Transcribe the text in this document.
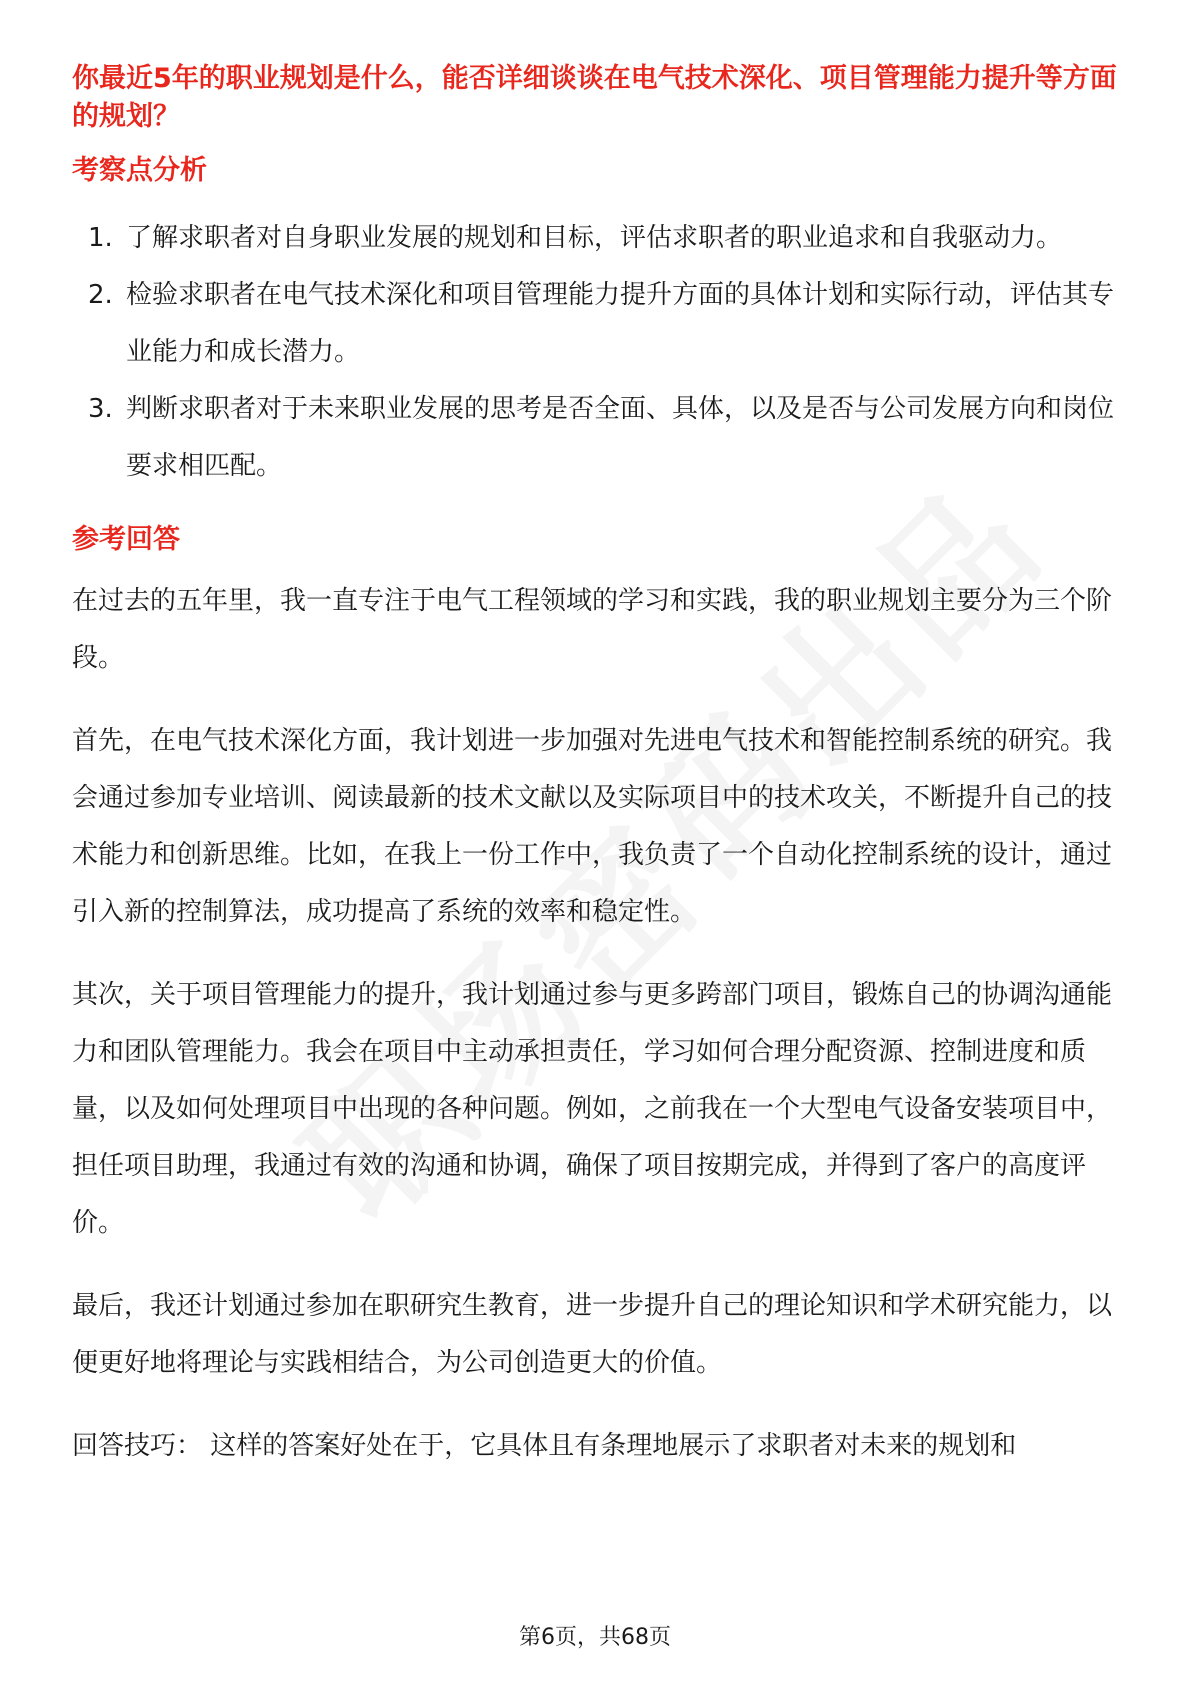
你最近5年的职业规划是什么，能否详细谈谈在电气技术深化、项目管理能力提升等方面的规划？

考察点分析

1. 了解求职者对自身职业发展的规划和目标，评估求职者的职业追求和自我驱动力。
2. 检验求职者在电气技术深化和项目管理能力提升方面的具体计划和实际行动，评估其专业能力和成长潜力。
3. 判断求职者对于未来职业发展的思考是否全面、具体，以及是否与公司发展方向和岗位要求相匹配。

参考回答

在过去的五年里，我一直专注于电气工程领域的学习和实践，我的职业规划主要分为三个阶段。

首先，在电气技术深化方面，我计划进一步加强对先进电气技术和智能控制系统的研究。我会通过参加专业培训、阅读最新的技术文献以及实际项目中的技术攻关，不断提升自己的技术能力和创新思维。比如，在我上一份工作中，我负责了一个自动化控制系统的设计，通过引入新的控制算法，成功提高了系统的效率和稳定性。

其次，关于项目管理能力的提升，我计划通过参与更多跨部门项目，锻炼自己的协调沟通能力和团队管理能力。我会在项目中主动承担责任，学习如何合理分配资源、控制进度和质量，以及如何处理项目中出现的各种问题。例如，之前我在一个大型电气设备安装项目中，担任项目助理，我通过有效的沟通和协调，确保了项目按期完成，并得到了客户的高度评价。

最后，我还计划通过参加在职研究生教育，进一步提升自己的理论知识和学术研究能力，以便更好地将理论与实践相结合，为公司创造更大的价值。

回答技巧： 这样的答案好处在于，它具体且有条理地展示了求职者对未来的规划和

第6页，共68页
